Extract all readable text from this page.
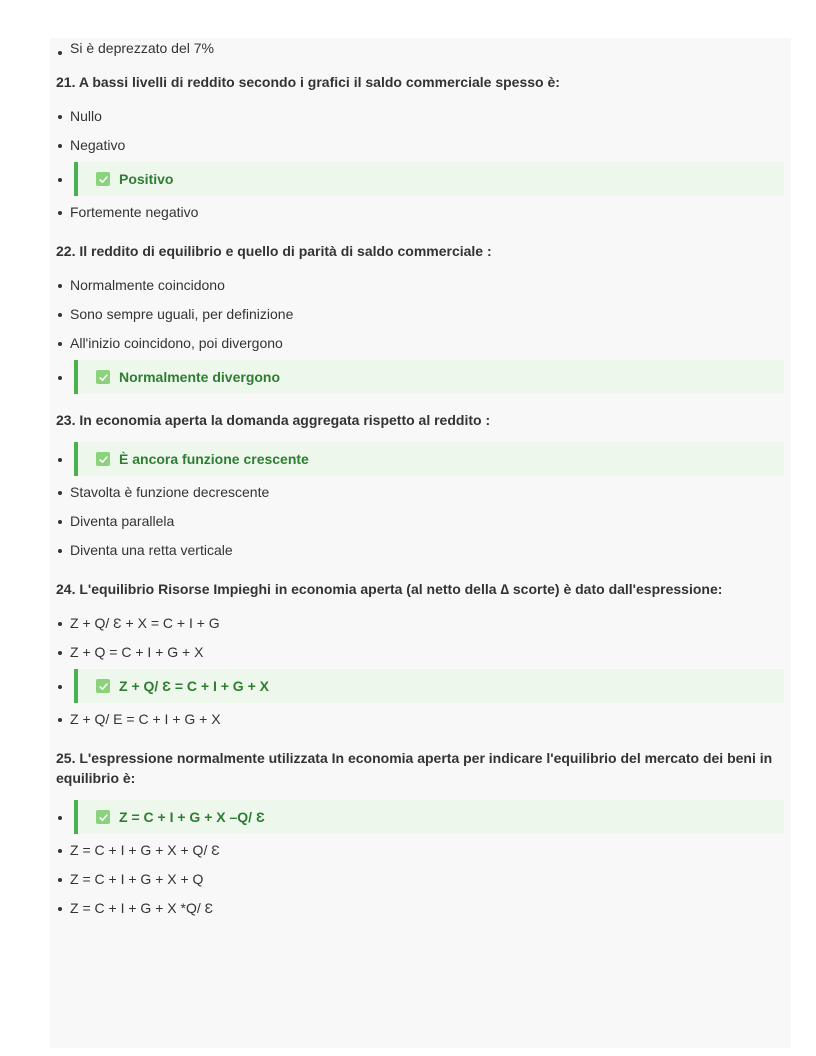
Si è deprezzato del 7%
21. A bassi livelli di reddito secondo i grafici il saldo commerciale spesso è:
Nullo
Negativo
Positivo
Fortemente negativo
22. Il reddito di equilibrio e quello di parità di saldo commerciale :
Normalmente coincidono
Sono sempre uguali, per definizione
All'inizio coincidono, poi divergono
Normalmente divergono
23. In economia aperta la domanda aggregata rispetto al reddito :
È ancora funzione crescente
Stavolta è funzione decrescente
Diventa parallela
Diventa una retta verticale
24. L'equilibrio Risorse Impieghi in economia aperta (al netto della ∆ scorte) è dato dall'espressione:
Z + Q/ Ɛ + X = C + I + G
Z + Q = C + I + G + X
Z + Q/ Ɛ = C + I + G + X
Z + Q/ E = C + I + G + X
25. L'espressione normalmente utilizzata In economia aperta per indicare l'equilibrio del mercato dei beni in equilibrio è:
Z = C + I + G + X –Q/ Ɛ
Z = C + I + G + X + Q/ Ɛ
Z = C + I + G + X + Q
Z = C + I + G + X *Q/ Ɛ
